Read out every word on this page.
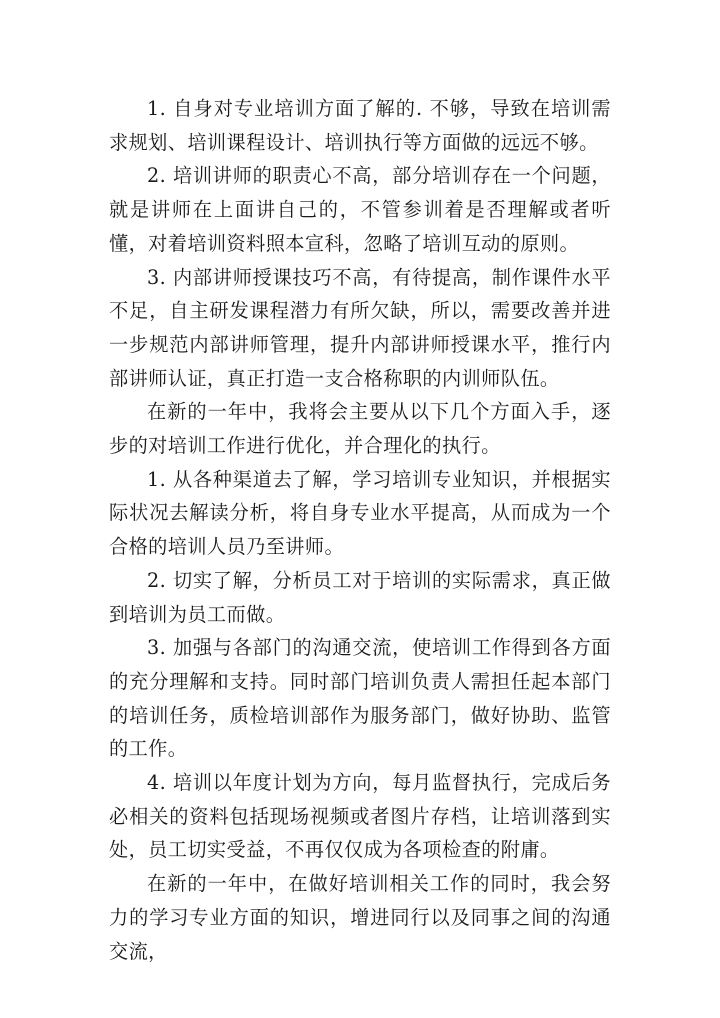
1. 自身对专业培训方面了解的. 不够，导致在培训需求规划、培训课程设计、培训执行等方面做的远远不够。

2. 培训讲师的职责心不高，部分培训存在一个问题，就是讲师在上面讲自己的，不管参训着是否理解或者听懂，对着培训资料照本宣科，忽略了培训互动的原则。

3. 内部讲师授课技巧不高，有待提高，制作课件水平不足，自主研发课程潜力有所欠缺，所以，需要改善并进一步规范内部讲师管理，提升内部讲师授课水平，推行内部讲师认证，真正打造一支合格称职的内训师队伍。

在新的一年中，我将会主要从以下几个方面入手，逐步的对培训工作进行优化，并合理化的执行。

1. 从各种渠道去了解，学习培训专业知识，并根据实际状况去解读分析，将自身专业水平提高，从而成为一个合格的培训人员乃至讲师。

2. 切实了解，分析员工对于培训的实际需求，真正做到培训为员工而做。

3. 加强与各部门的沟通交流，使培训工作得到各方面的充分理解和支持。同时部门培训负责人需担任起本部门的培训任务，质检培训部作为服务部门，做好协助、监管的工作。

4. 培训以年度计划为方向，每月监督执行，完成后务必相关的资料包括现场视频或者图片存档，让培训落到实处，员工切实受益，不再仅仅成为各项检查的附庸。

在新的一年中，在做好培训相关工作的同时，我会努力的学习专业方面的知识，增进同行以及同事之间的沟通交流，
